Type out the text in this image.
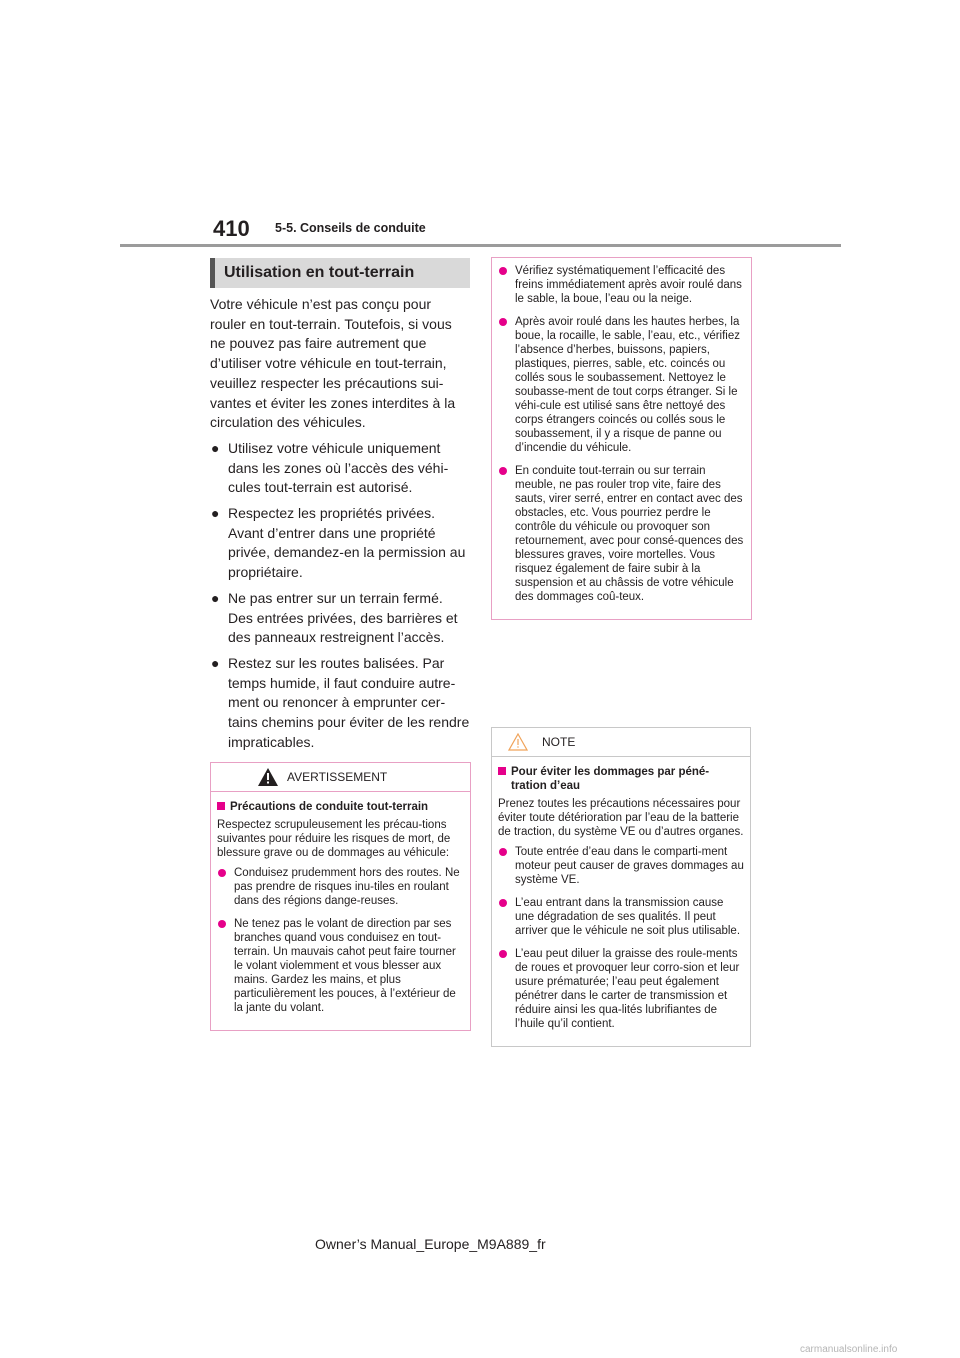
410 5-5. Conseils de conduite
Utilisation en tout-terrain

Votre véhicule n’est pas conçu pour rouler en tout-terrain. Toutefois, si vous ne pouvez pas faire autrement que d’utiliser votre véhicule en tout-terrain, veuillez respecter les précautions sui-vantes et éviter les zones interdites à la circulation des véhicules.

● Utilisez votre véhicule uniquement dans les zones où l’accès des véhi-cules tout-terrain est autorisé.
● Respectez les propriétés privées. Avant d’entrer dans une propriété privée, demandez-en la permission au propriétaire.
● Ne pas entrer sur un terrain fermé. Des entrées privées, des barrières et des panneaux restreignent l’accès.
● Restez sur les routes balisées. Par temps humide, il faut conduire autre-ment ou renoncer à emprunter cer-tains chemins pour éviter de les rendre impraticables.
AVERTISSEMENT
Précautions de conduite tout-terrain

Respectez scrupuleusement les précau-tions suivantes pour réduire les risques de mort, de blessure grave ou de dommages au véhicule:

Conduisez prudemment hors des routes. Ne pas prendre de risques inu-tiles en roulant dans des régions dange-reuses.
Ne tenez pas le volant de direction par ses branches quand vous conduisez en tout-terrain. Un mauvais cahot peut faire tourner le volant violemment et vous blesser aux mains. Gardez les mains, et plus particulièrement les pouces, à l’extérieur de la jante du volant.
Vérifiez systématiquement l’efficacité des freins immédiatement après avoir roulé dans le sable, la boue, l’eau ou la neige.
Après avoir roulé dans les hautes herbes, la boue, la rocaille, le sable, l’eau, etc., vérifiez l’absence d’herbes, buissons, papiers, plastiques, pierres, sable, etc. coincés ou collés sous le soubassement. Nettoyez le soubasse-ment de tout corps étranger. Si le véhi-cule est utilisé sans être nettoyé des corps étrangers coincés ou collés sous le soubassement, il y a risque de panne ou d’incendie du véhicule.
En conduite tout-terrain ou sur terrain meuble, ne pas rouler trop vite, faire des sauts, virer serré, entrer en contact avec des obstacles, etc. Vous pourriez perdre le contrôle du véhicule ou provoquer son retournement, avec pour consé-quences des blessures graves, voire mortelles. Vous risquez également de faire subir à la suspension et au châssis de votre véhicule des dommages coû-teux.
NOTE
Pour éviter les dommages par péné-tration d’eau

Prenez toutes les précautions nécessaires pour éviter toute détérioration par l’eau de la batterie de traction, du système VE ou d’autres organes.

Toute entrée d’eau dans le comparti-ment moteur peut causer de graves dommages au système VE.
L’eau entrant dans la transmission cause une dégradation de ses qualités. Il peut arriver que le véhicule ne soit plus utilisable.
L’eau peut diluer la graisse des roule-ments de roues et provoquer leur corro-sion et leur usure prématurée; l’eau peut également pénétrer dans le carter de transmission et réduire ainsi les qua-lités lubrifiantes de l’huile qu’il contient.
Owner’s Manual_Europe_M9A889_fr
carmanualsonline.info
